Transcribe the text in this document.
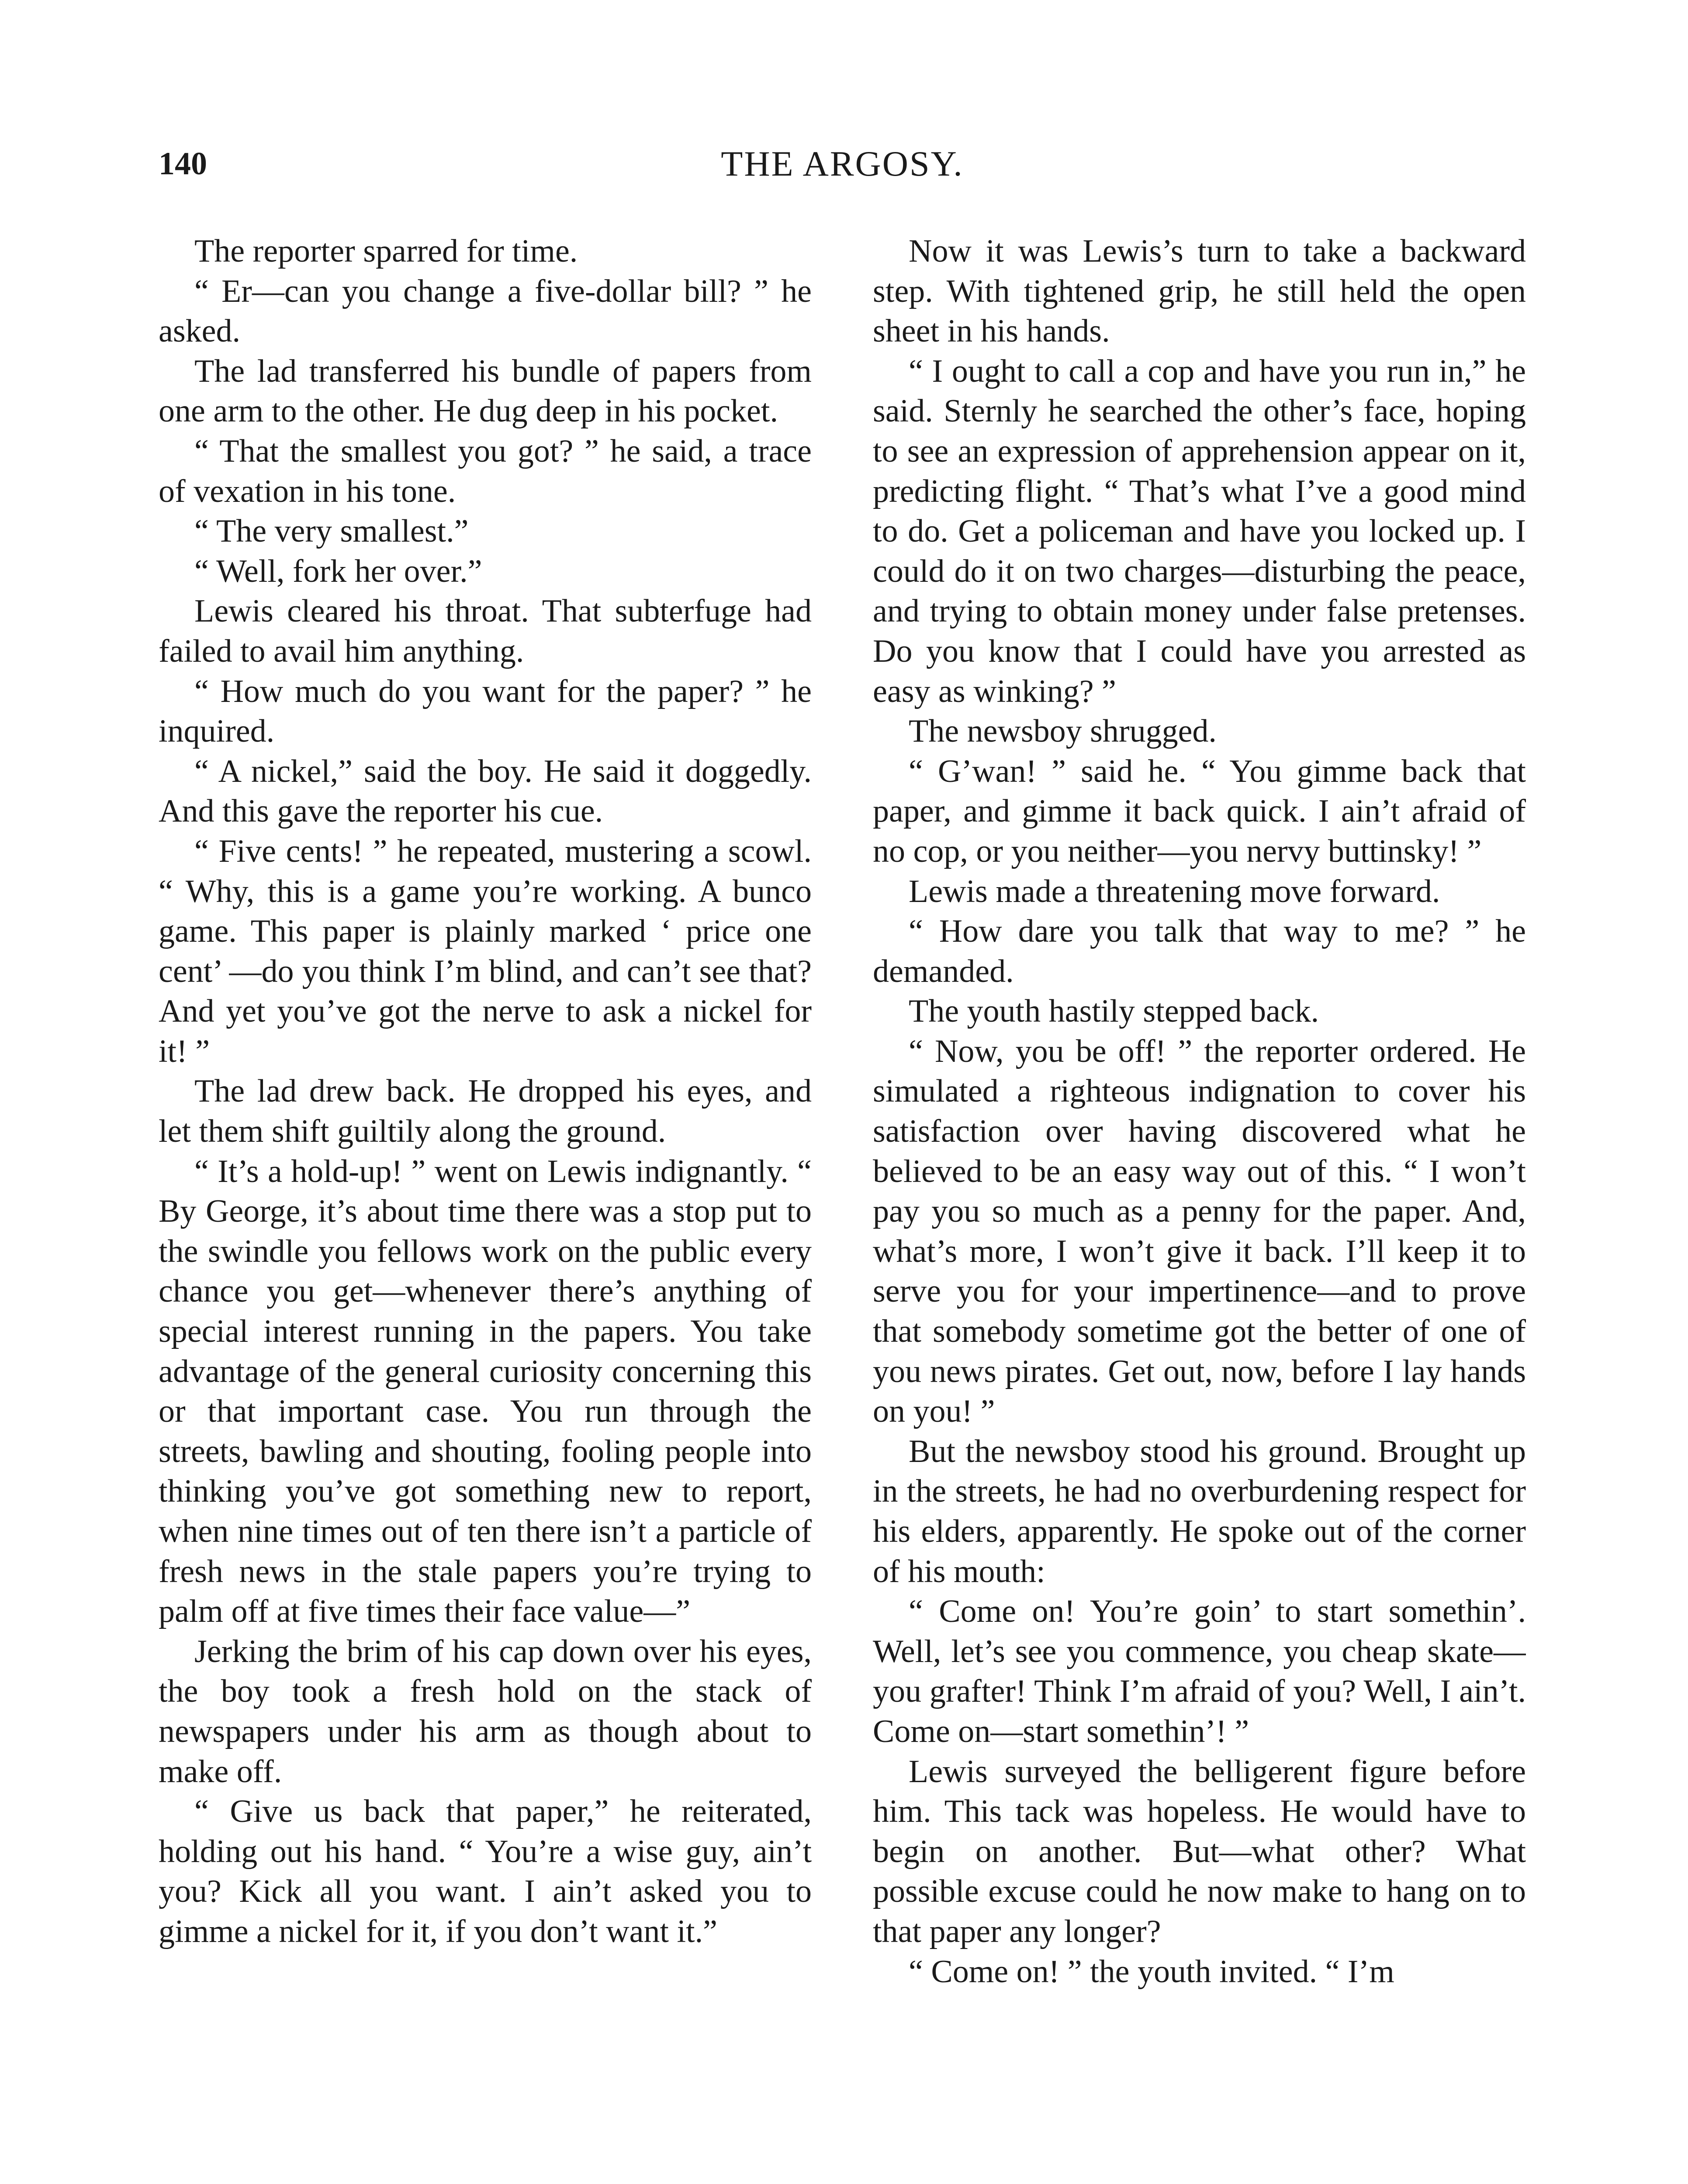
140	THE ARGOSY.

The reporter sparred for time.

“ Er—can you change a five-dollar bill? ” he asked.

The lad transferred his bundle of papers from one arm to the other. He dug deep in his pocket.

“ That the smallest you got? ” he said, a trace of vexation in his tone.

“ The very smallest.”

“ Well, fork her over.”

Lewis cleared his throat. That subterfuge had failed to avail him anything.

“ How much do you want for the paper? ” he inquired.

“ A nickel,” said the boy. He said it doggedly. And this gave the reporter his cue.

“ Five cents! ” he repeated, mustering a scowl. “ Why, this is a game you’re working. A bunco game. This paper is plainly marked ‘ price one cent’ —do you think I’m blind, and can’t see that? And yet you’ve got the nerve to ask a nickel for it! ”

The lad drew back. He dropped his eyes, and let them shift guiltily along the ground.

“ It’s a hold-up! ” went on Lewis indignantly. “ By George, it’s about time there was a stop put to the swindle you fellows work on the public every chance you get—whenever there’s anything of special interest running in the papers. You take advantage of the general curiosity concerning this or that important case. You run through the streets, bawling and shouting, fooling people into thinking you’ve got something new to report, when nine times out of ten there isn’t a particle of fresh news in the stale papers you’re trying to palm off at five times their face value—”

Jerking the brim of his cap down over his eyes, the boy took a fresh hold on the stack of newspapers under his arm as though about to make off.

“ Give us back that paper,” he reiterated, holding out his hand. “ You’re a wise guy, ain’t you? Kick all you want. I ain’t asked you to gimme a nickel for it, if you don’t want it.”

Now it was Lewis’s turn to take a backward step. With tightened grip, he still held the open sheet in his hands.

“ I ought to call a cop and have you run in,” he said. Sternly he searched the other’s face, hoping to see an expression of apprehension appear on it, predicting flight. “ That’s what I’ve a good mind to do. Get a policeman and have you locked up. I could do it on two charges—disturbing the peace, and trying to obtain money under false pretenses. Do you know that I could have you arrested as easy as winking? ”

The newsboy shrugged.

“ G’wan! ” said he. “ You gimme back that paper, and gimme it back quick. I ain’t afraid of no cop, or you neither—you nervy buttinsky! ”

Lewis made a threatening move forward.

“ How dare you talk that way to me? ” he demanded.

The youth hastily stepped back.

“ Now, you be off! ” the reporter ordered. He simulated a righteous indignation to cover his satisfaction over having discovered what he believed to be an easy way out of this. “ I won’t pay you so much as a penny for the paper. And, what’s more, I won’t give it back. I’ll keep it to serve you for your impertinence—and to prove that somebody sometime got the better of one of you news pirates. Get out, now, before I lay hands on you! ”

But the newsboy stood his ground. Brought up in the streets, he had no overburdening respect for his elders, apparently. He spoke out of the corner of his mouth:

“ Come on! You’re goin’ to start somethin’. Well, let’s see you commence, you cheap skate—you grafter! Think I’m afraid of you? Well, I ain’t. Come on—start somethin’! ”

Lewis surveyed the belligerent figure before him. This tack was hopeless. He would have to begin on another. But—what other? What possible excuse could he now make to hang on to that paper any longer?

“ Come on! ” the youth invited. “ I’m
